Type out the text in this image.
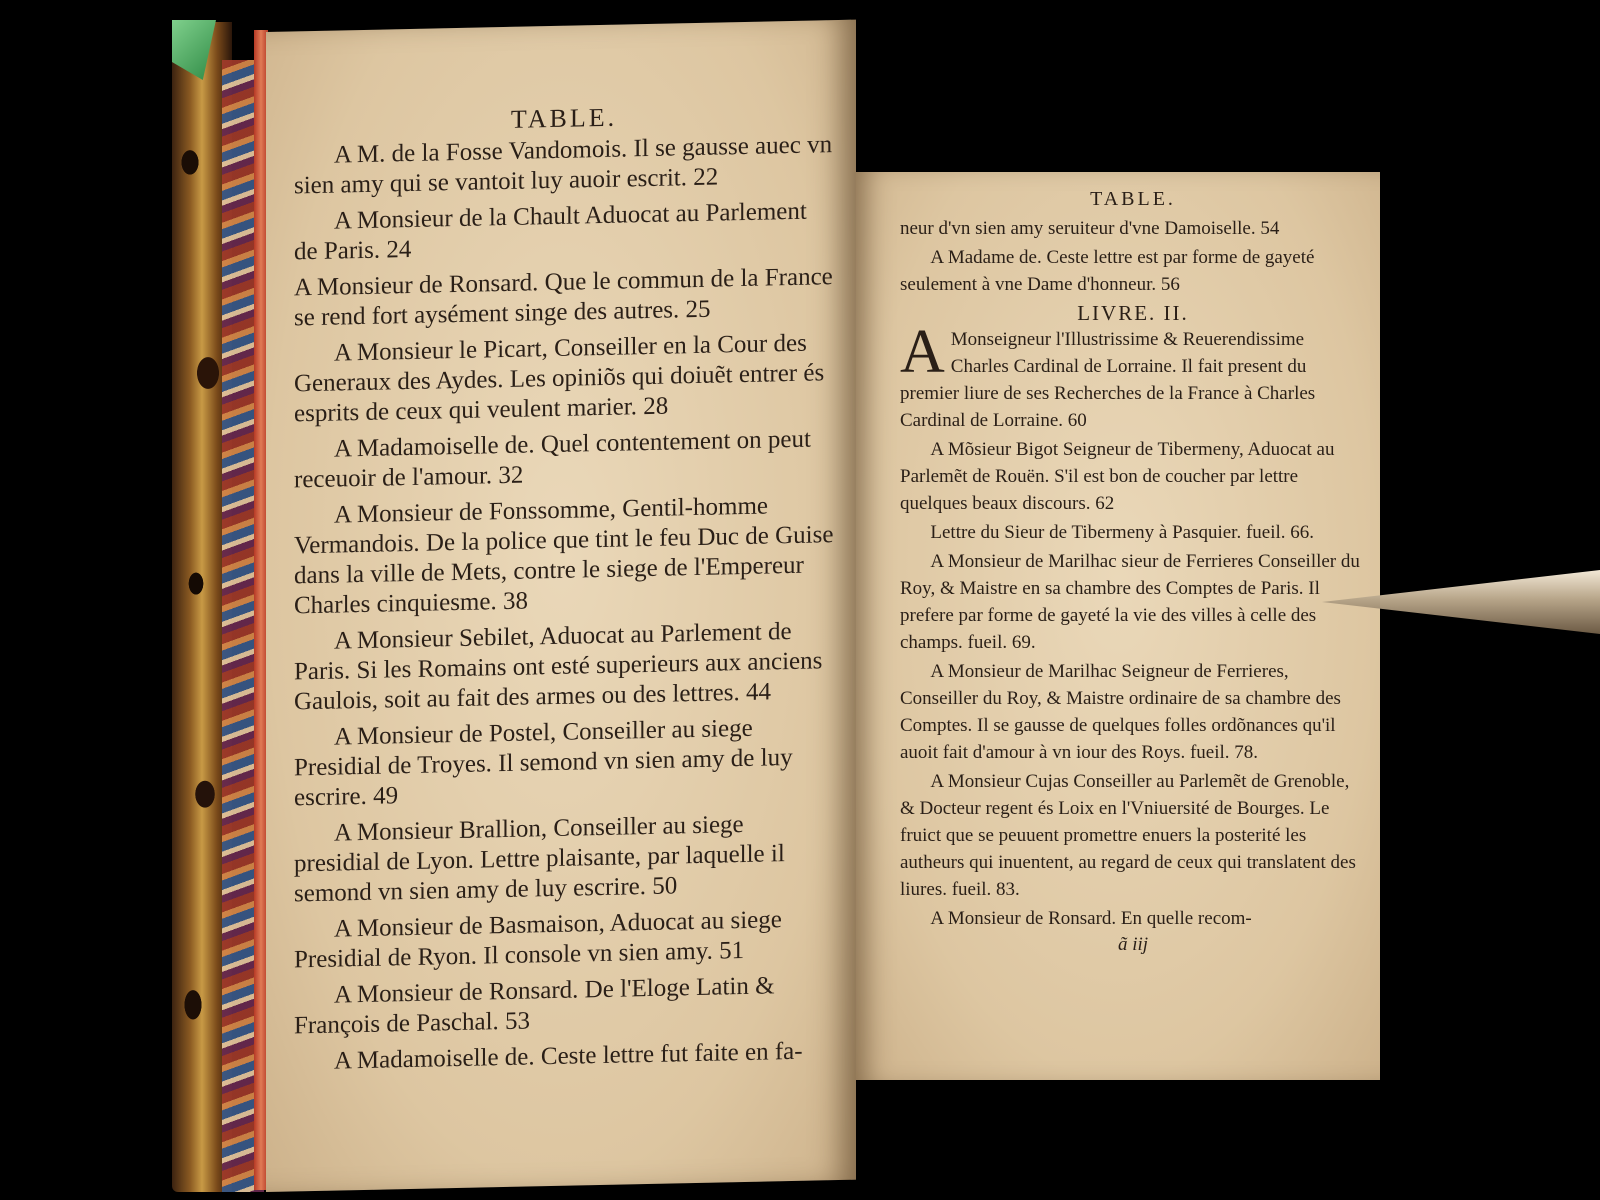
TABLE.

A M. de la Fosse Vandomois. Il se gausse auec vn sien amy qui se vantoit luy auoir escrit. 22

A Monsieur de la Chault Aduocat au Parlement de Paris. 24

A Monsieur de Ronsard. Que le commun de la France se rend fort aysément singe des autres. 25

A Monsieur le Picart, Conseiller en la Cour des Generaux des Aydes. Les opiniõs qui doiuẽt entrer és esprits de ceux qui veulent marier. 28

A Madamoiselle de. Quel contentement on peut receuoir de l'amour. 32

A Monsieur de Fonssomme, Gentil-homme Vermandois. De la police que tint le feu Duc de Guise dans la ville de Mets, contre le siege de l'Empereur Charles cinquiesme. 38

A Monsieur Sebilet, Aduocat au Parlement de Paris. Si les Romains ont esté superieurs aux anciens Gaulois, soit au fait des armes ou des lettres. 44

A Monsieur de Postel, Conseiller au siege Presidial de Troyes. Il semond vn sien amy de luy escrire. 49

A Monsieur Brallion, Conseiller au siege presidial de Lyon. Lettre plaisante, par laquelle il semond vn sien amy de luy escrire. 50

A Monsieur de Basmaison, Aduocat au siege Presidial de Ryon. Il console vn sien amy. 51

A Monsieur de Ronsard. De l'Eloge Latin & François de Paschal. 53

A Madamoiselle de. Ceste lettre fut faite en fa-

TABLE.

neur d'vn sien amy seruiteur d'vne Damoiselle. 54

A Madame de. Ceste lettre est par forme de gayeté seulement à vne Dame d'honneur. 56

LIVRE. II.

A Monseigneur l'Illustrissime & Reuerendissime Charles Cardinal de Lorraine. Il fait present du premier liure de ses Recherches de la France à Charles Cardinal de Lorraine. 60

A Mõsieur Bigot Seigneur de Tibermeny, Aduocat au Parlemẽt de Rouën. S'il est bon de coucher par lettre quelques beaux discours. 62

Lettre du Sieur de Tibermeny à Pasquier. fueil. 66.

A Monsieur de Marilhac sieur de Ferrieres Conseiller du Roy, & Maistre en sa chambre des Comptes de Paris. Il prefere par forme de gayeté la vie des villes à celle des champs. fueil. 69.

A Monsieur de Marilhac Seigneur de Ferrieres, Conseiller du Roy, & Maistre ordinaire de sa chambre des Comptes. Il se gausse de quelques folles ordõnances qu'il auoit fait d'amour à vn iour des Roys. fueil. 78.

A Monsieur Cujas Conseiller au Parlemẽt de Grenoble, & Docteur regent és Loix en l'Vniuersité de Bourges. Le fruict que se peuuent promettre enuers la posterité les autheurs qui inuentent, au regard de ceux qui translatent des liures. fueil. 83.

A Monsieur de Ronsard. En quelle recom-

ã iij
